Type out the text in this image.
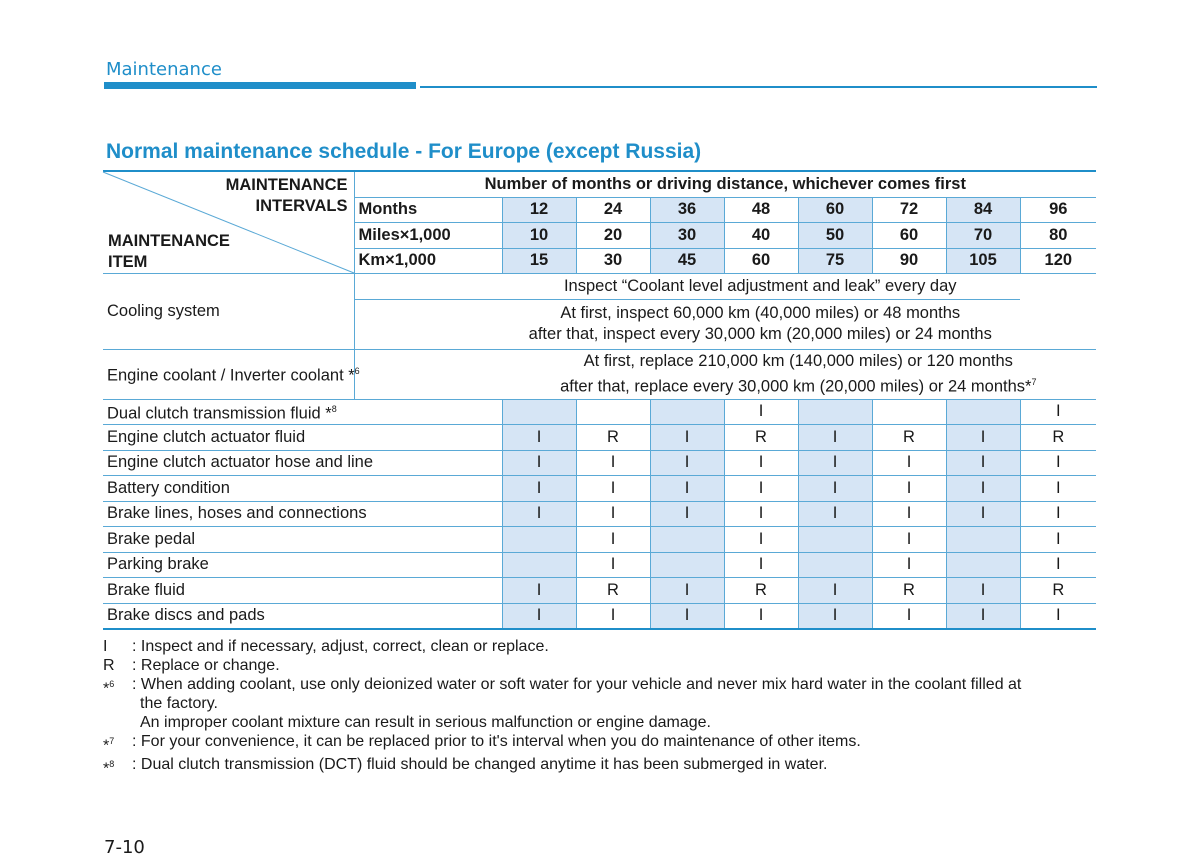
Maintenance
Normal maintenance schedule - For Europe (except Russia)
MAINTENANCE
INTERVALS
MAINTENANCE
ITEM	Number of months or driving distance, whichever comes first								
	Months	12	24	36	48	60	72	84	96
	Miles×1,000	10	20	30	40	50	60	70	80
	Km×1,000	15	30	45	60	75	90	105	120
Cooling system	Inspect “Coolant level adjustment and leak” every day								

	At first, inspect 60,000 km (40,000 miles) or 48 months
after that, inspect every 30,000 km (20,000 miles) or 24 months								

Engine coolant / Inverter coolant *$^6$	At first, replace 210,000 km (140,000 miles) or 120 months
after that, replace every 30,000 km (20,000 miles) or 24 months*$^7$

Dual clutch transmission fluid *$^8$					I				I
Engine clutch actuator fluid		I	R	I	R	I	R	I	R
Engine clutch actuator hose and line		I	I	I	I	I	I	I	I
Battery condition		I	I	I	I	I	I	I	I
Brake lines, hoses and connections		I	I	I	I	I	I	I	I
Brake pedal			I		I		I		I
Parking brake			I		I		I		I
Brake fluid		I	R	I	R	I	R	I	R
Brake discs and pads		I	I	I	I	I	I	I	I
I	: Inspect and if necessary, adjust, correct, clean or replace.
R	: Replace or change.
*$^6$	: When adding coolant, use only deionized water or soft water for your vehicle and never mix hard water in the coolant filled at
the factory.
An improper coolant mixture can result in serious malfunction or engine damage.
*$^7$	: For your convenience, it can be replaced prior to it's interval when you do maintenance of other items.
*$^8$	: Dual clutch transmission (DCT) fluid should be changed anytime it has been submerged in water.
7-10
